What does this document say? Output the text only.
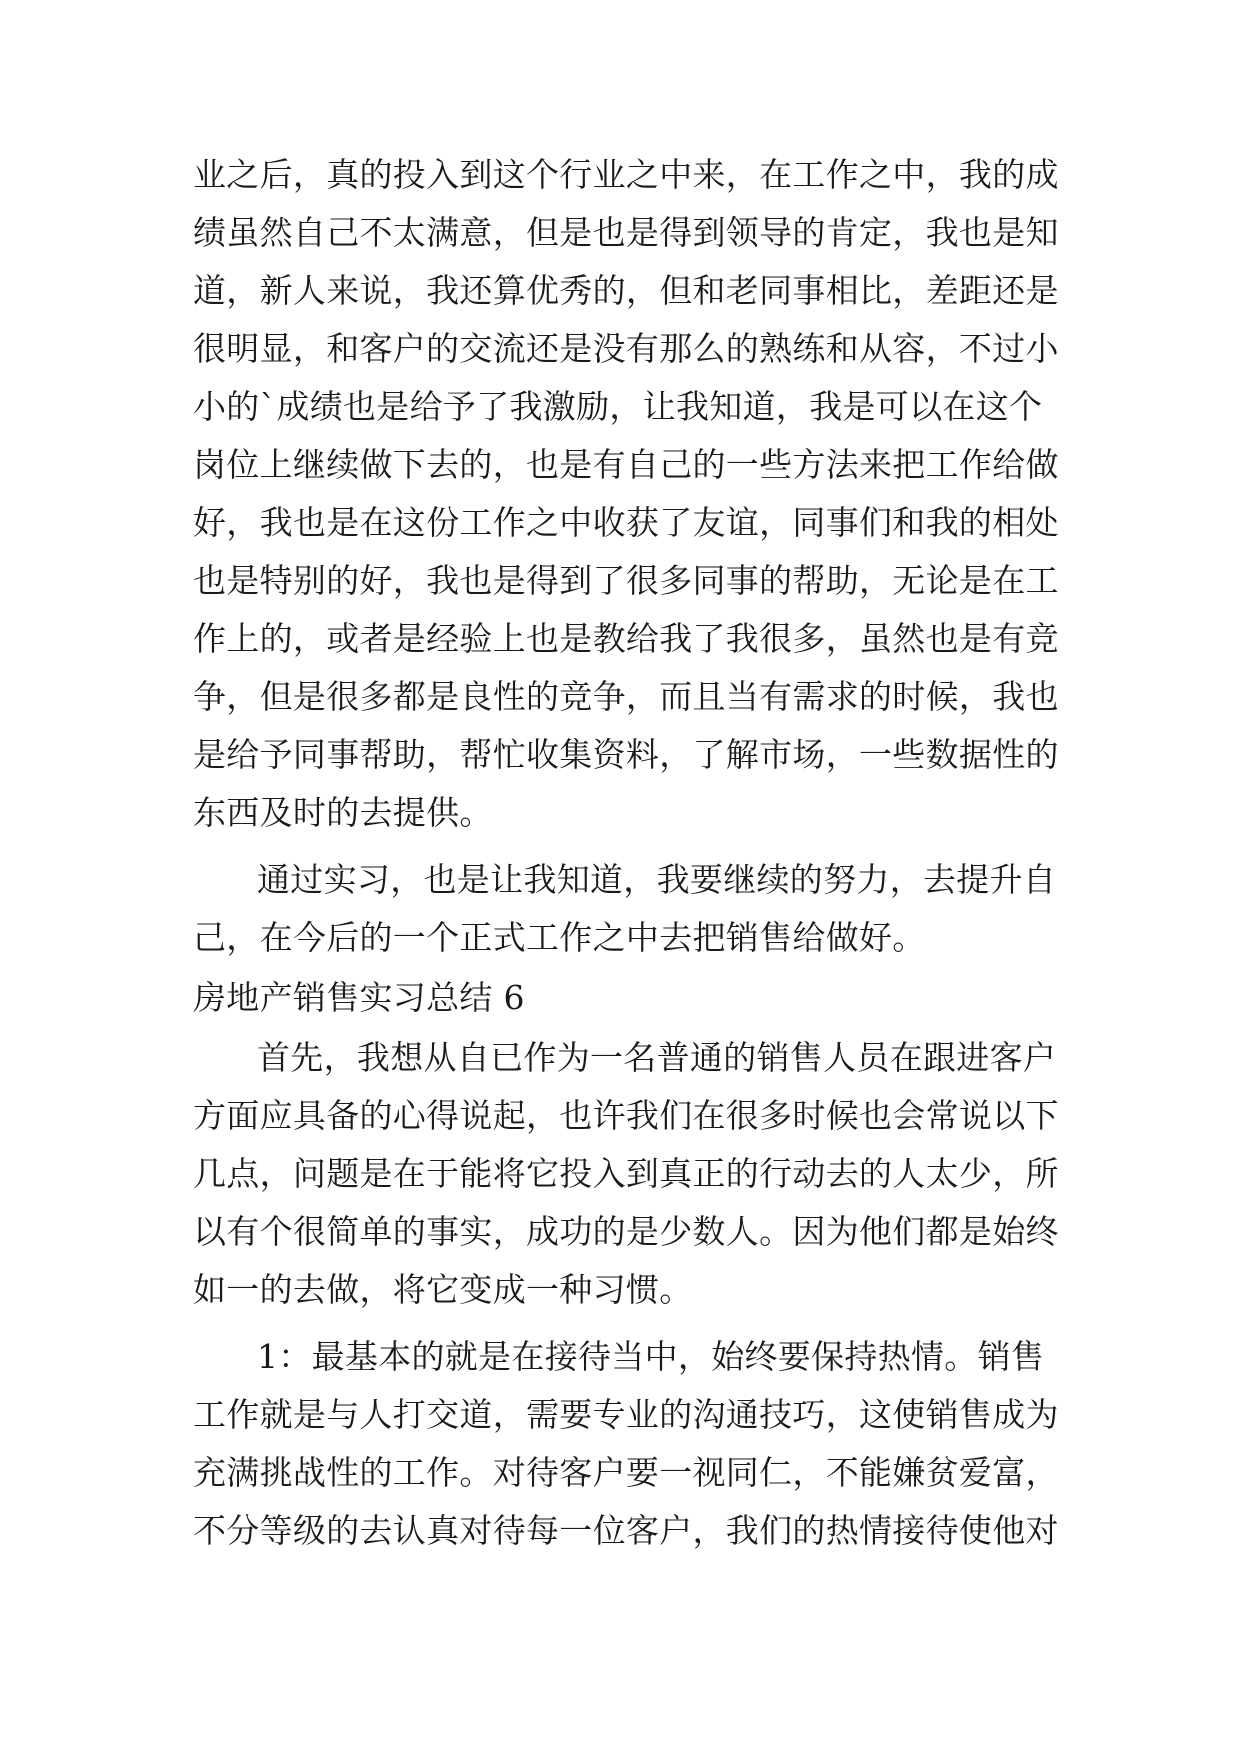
业之后，真的投入到这个行业之中来，在工作之中，我的成
绩虽然自己不太满意，但是也是得到领导的肯定，我也是知
道，新人来说，我还算优秀的，但和老同事相比，差距还是
很明显，和客户的交流还是没有那么的熟练和从容，不过小
小的`成绩也是给予了我激励，让我知道，我是可以在这个
岗位上继续做下去的，也是有自己的一些方法来把工作给做
好，我也是在这份工作之中收获了友谊，同事们和我的相处
也是特别的好，我也是得到了很多同事的帮助，无论是在工
作上的，或者是经验上也是教给我了我很多，虽然也是有竞
争，但是很多都是良性的竞争，而且当有需求的时候，我也
是给予同事帮助，帮忙收集资料，了解市场，一些数据性的
东西及时的去提供。
通过实习，也是让我知道，我要继续的努力，去提升自
己，在今后的一个正式工作之中去把销售给做好。
房地产销售实习总结 6
首先，我想从自已作为一名普通的销售人员在跟进客户
方面应具备的心得说起，也许我们在很多时候也会常说以下
几点，问题是在于能将它投入到真正的行动去的人太少，所
以有个很简单的事实，成功的是少数人。因为他们都是始终
如一的去做，将它变成一种习惯。
1：最基本的就是在接待当中，始终要保持热情。销售
工作就是与人打交道，需要专业的沟通技巧，这使销售成为
充满挑战性的工作。对待客户要一视同仁，不能嫌贫爱富，
不分等级的去认真对待每一位客户，我们的热情接待使他对
